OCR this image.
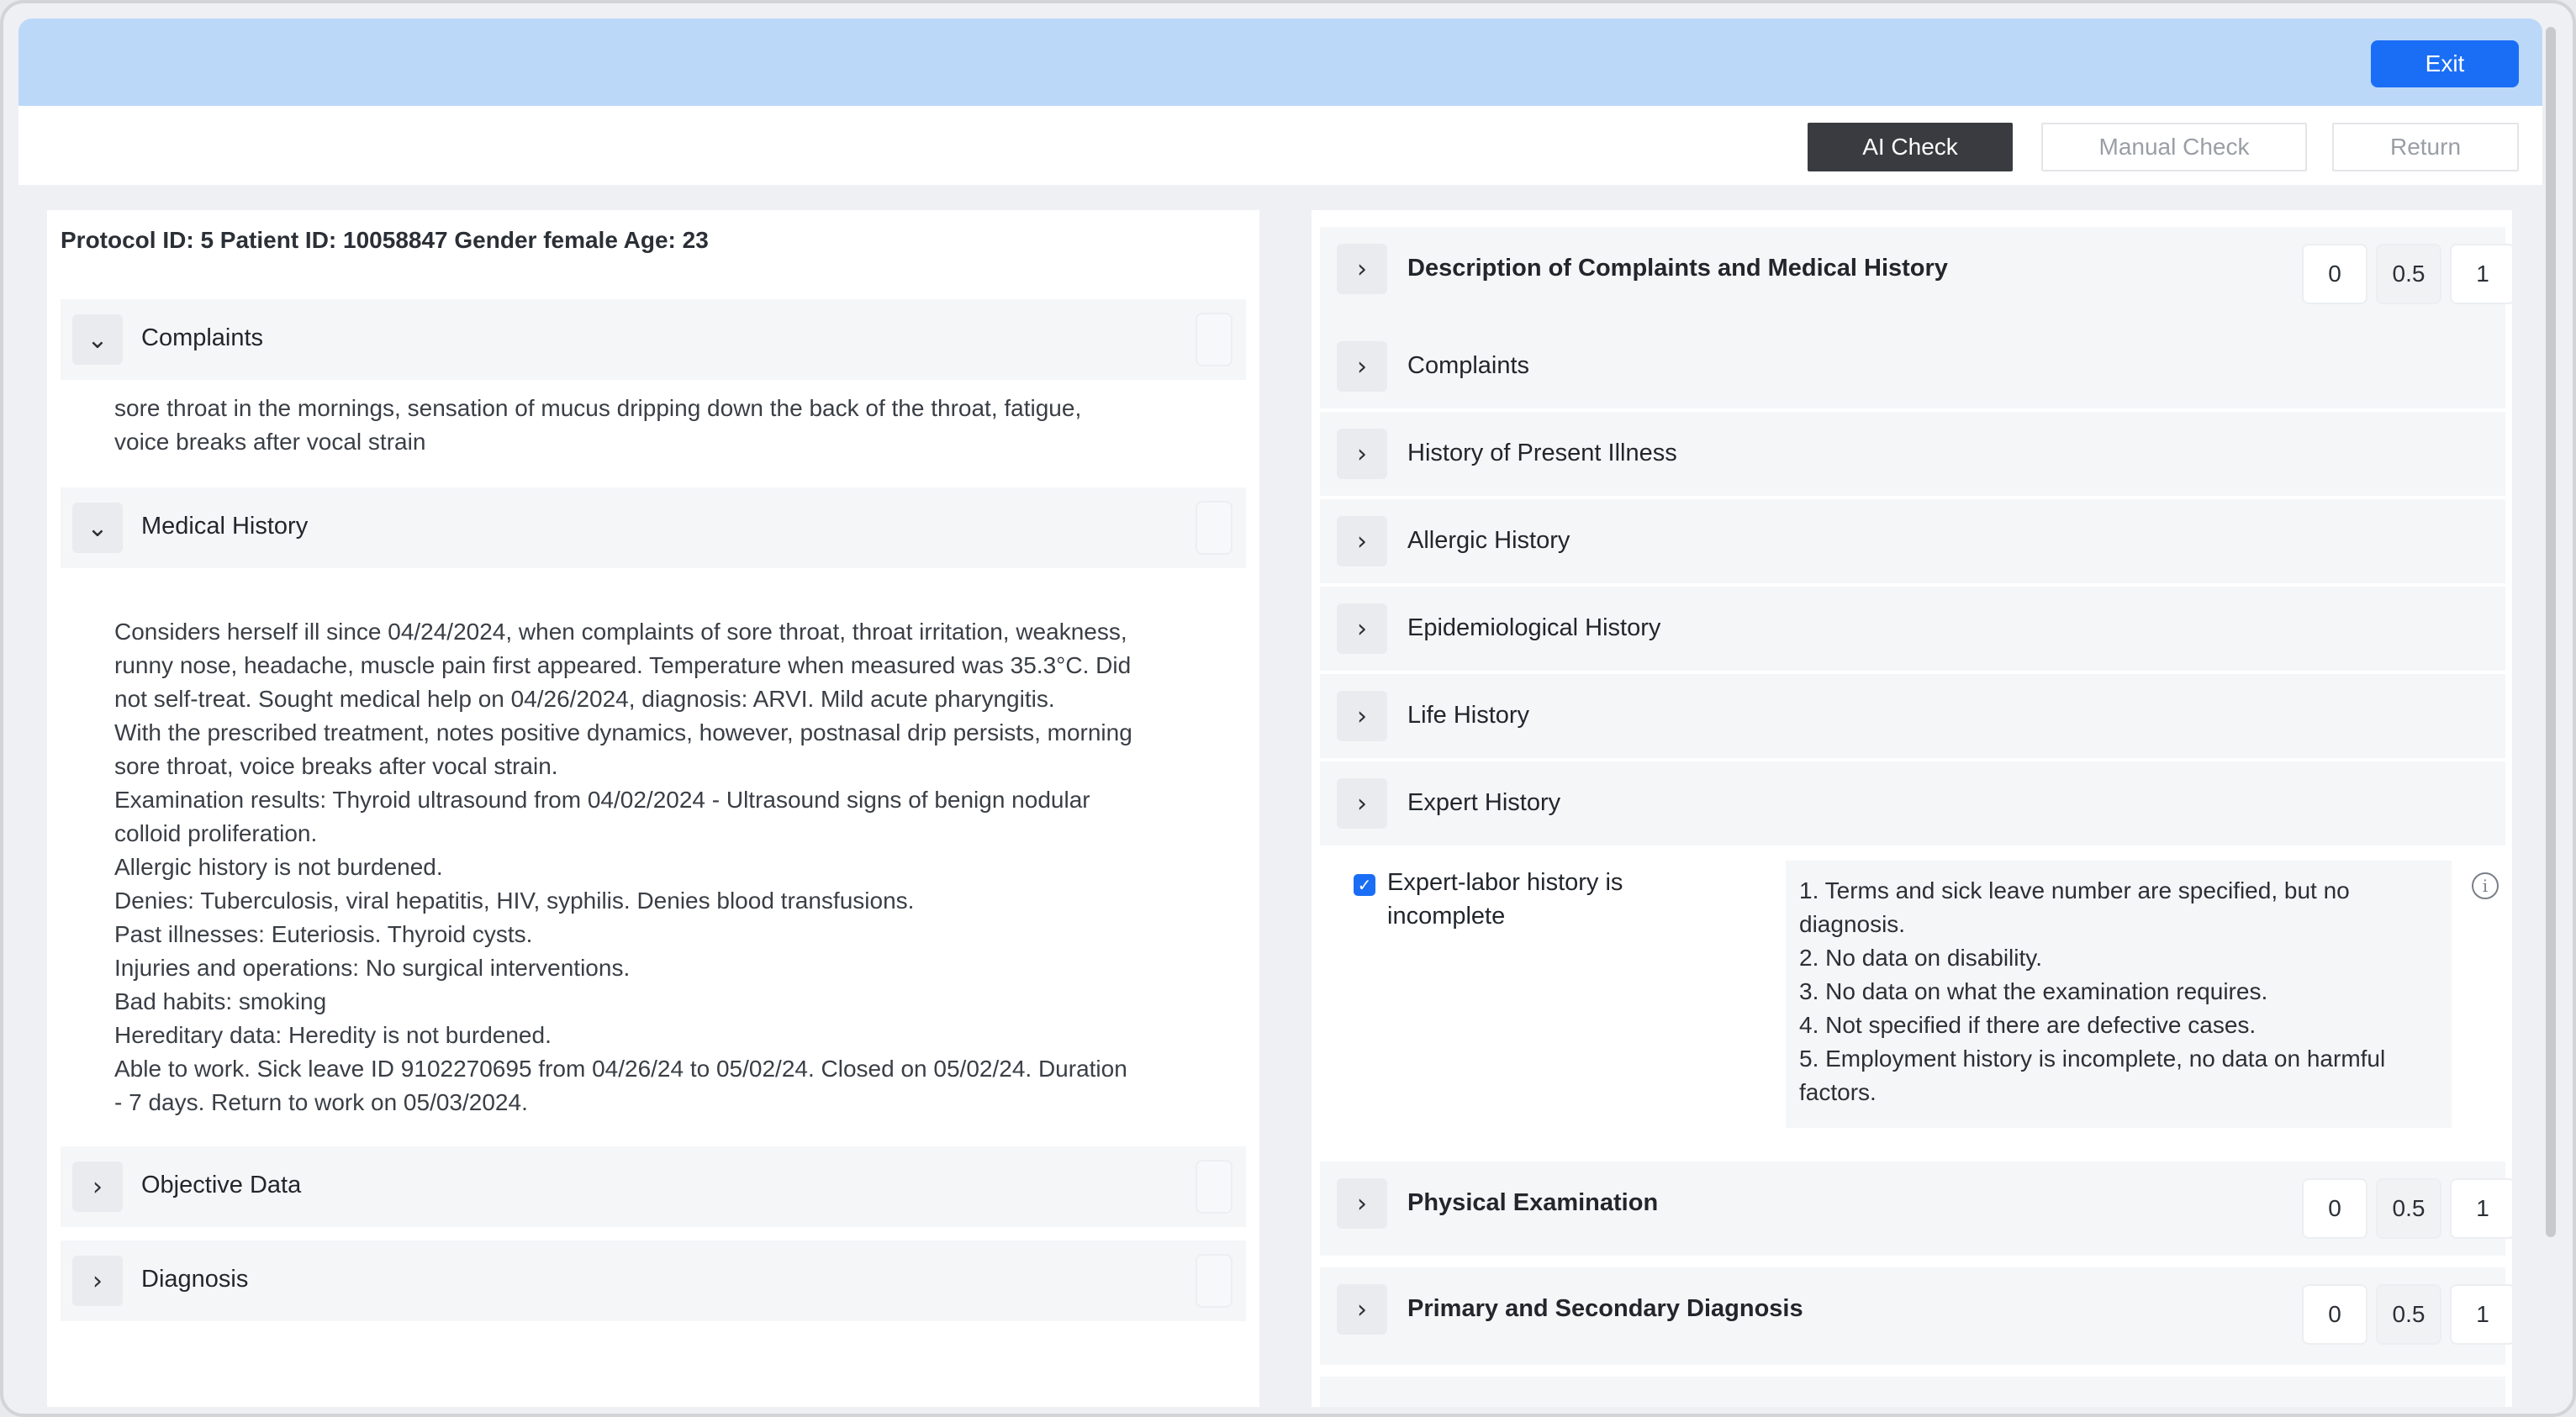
Exit
AI Check	Manual Check	Return
Protocol ID: 5 Patient ID: 10058847 Gender female Age: 23
⌄	Complaints
sore throat in the mornings, sensation of mucus dripping down the back of the throat, fatigue,
voice breaks after vocal strain
⌄	Medical History
Considers herself ill since 04/24/2024, when complaints of sore throat, throat irritation, weakness,
runny nose, headache, muscle pain first appeared. Temperature when measured was 35.3°C. Did
not self-treat. Sought medical help on 04/26/2024, diagnosis: ARVI. Mild acute pharyngitis.
With the prescribed treatment, notes positive dynamics, however, postnasal drip persists, morning
sore throat, voice breaks after vocal strain.
Examination results: Thyroid ultrasound from 04/02/2024 - Ultrasound signs of benign nodular
colloid proliferation.
Allergic history is not burdened.
Denies: Tuberculosis, viral hepatitis, HIV, syphilis. Denies blood transfusions.
Past illnesses: Euteriosis. Thyroid cysts.
Injuries and operations: No surgical interventions.
Bad habits: smoking
Hereditary data: Heredity is not burdened.
Able to work. Sick leave ID 9102270695 from 04/26/24 to 05/02/24. Closed on 05/02/24. Duration
- 7 days. Return to work on 05/03/2024.
›	Objective Data
›	Diagnosis
›	Description of Complaints and Medical History	0	0.5	1
›	Complaints
›	History of Present Illness
›	Allergic History
›	Epidemiological History
›	Life History
›	Expert History
✓ Expert-labor history is incomplete
1. Terms and sick leave number are specified, but no
diagnosis.
2. No data on disability.
3. No data on what the examination requires.
4. Not specified if there are defective cases.
5. Employment history is incomplete, no data on harmful
factors.
i
›	Physical Examination	0	0.5	1
›	Primary and Secondary Diagnosis	0	0.5	1
